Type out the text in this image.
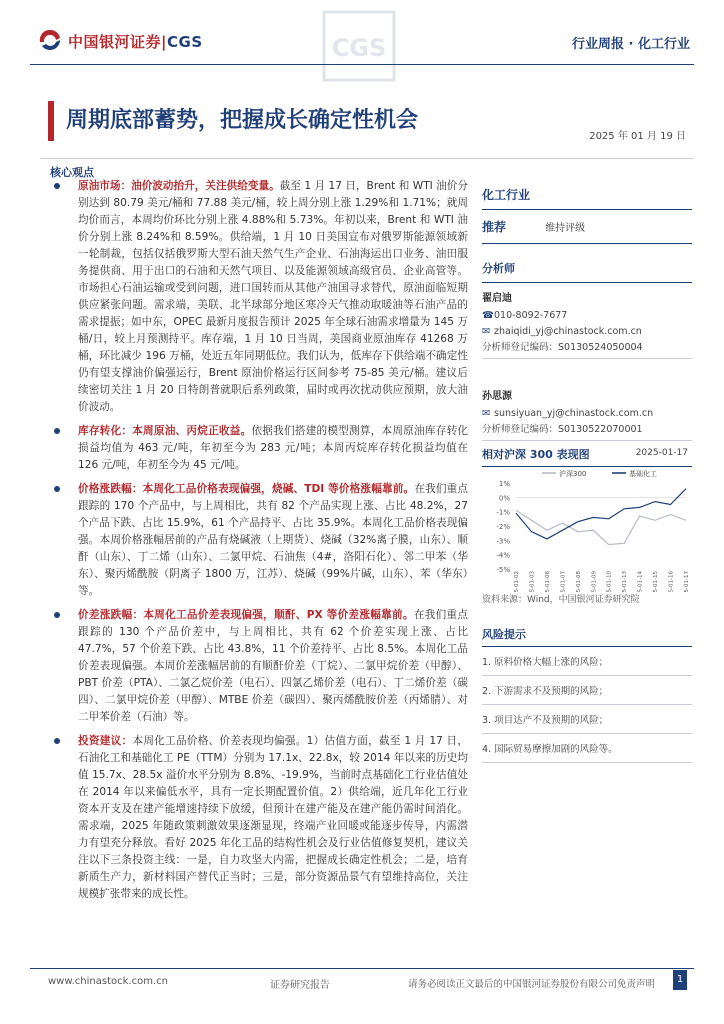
中国银河证券|CGS	CGS	行业周报 · 化工行业
周期底部蓄势，把握成长确定性机会
2025 年 01 月 19 日
核心观点
原油市场：油价波动抬升，关注供给变量。截至 1 月 17 日，Brent 和 WTI 油价分别达到 80.79 美元/桶和 77.88 美元/桶，较上周分别上涨 1.29%和 1.71%；就周均价而言，本周均价环比分别上涨 4.88%和 5.73%。年初以来，Brent 和 WTI 油价分别上涨 8.24%和 8.59%。供给端，1 月 10 日美国宣布对俄罗斯能源领域新一轮制裁，包括仅括俄罗斯大型石油天然气生产企业、石油海运出口业务、油田服务提供商、用于出口的石油和天然气项目、以及能源领域高级官员、企业高管等。市场担心石油运输或受到问题，进口国转而从其他产油国寻求替代，原油面临短期供应紧张问题。需求端，美联、北半球部分地区寒冷天气推动取暖油等石油产品的需求提振；如中东，OPEC 最新月度报告预计 2025 年全球石油需求增量为 145 万桶/日，较上月预测持平。库存端，1 月 10 日当周，美国商业原油库存 41268 万桶，环比减少 196 万桶，处近五年同期低位。我们认为，低库存下供给端不确定性仍有望支撑油价偏强运行，Brent 原油价格运行区间参考 75-85 美元/桶。建议后续密切关注 1 月 20 日特朗普就职后系列政策，届时或再次扰动供应预期，放大油价波动。
库存转化：本周原油、丙烷正收益。依据我们搭建的模型测算，本周原油库存转化损益均值为 463 元/吨，年初至今为 283 元/吨；本周丙烷库存转化损益均值在 126 元/吨，年初至今为 45 元/吨。
价格涨跌幅：本周化工品价格表现偏强，烧碱、TDI 等价格涨幅靠前。在我们重点跟踪的 170 个产品中，与上周相比，共有 82 个产品实现上涨、占比 48.2%，27 个产品下跌、占比 15.9%，61 个产品持平、占比 35.9%。本周化工品价格表现偏强。本周价格涨幅居前的产品有烧碱液（上期货）、烧碱（32%离子膜，山东）、顺酐（山东）、丁二烯（山东）、二氯甲烷、石油焦（4#，洛阳石化）、邻二甲苯（华东）、聚丙烯酰胺（阴离子 1800 万，江苏）、烧碱（99%片碱，山东）、苯（华东）等。
价差涨跌幅：本周化工品价差表现偏强，顺酐、PX 等价差涨幅靠前。在我们重点跟踪的 130 个产品价差中，与上周相比，共有 62 个价差实现上涨、占比 47.7%，57 个价差下跌、占比 43.8%，11 个价差持平、占比 8.5%。本周化工品价差表现偏强。本周价差涨幅居前的有顺酐价差（丁烷）、二氯甲烷价差（甲醇）、PBT 价差（PTA）、二氯乙烷价差（电石）、四氯乙烯价差（电石）、丁二烯价差（碳四）、二氯甲烷价差（甲醇）、MTBE 价差（碳四）、聚丙烯酰胺价差（丙烯腈）、对二甲苯价差（石油）等。
投资建议：本周化工品价格、价差表现均偏强。1）估值方面，截至 1 月 17 日，石油化工和基础化工 PE（TTM）分别为 17.1x、22.8x，较 2014 年以来的历史均值 15.7x、28.5x 溢价水平分别为 8.8%、-19.9%，当前时点基础化工行业估值处在 2014 年以来偏低水平，具有一定长期配置价值。2）供给端，近几年化工行业资本开支及在建产能增速持续下放缓，但预计在建产能及在建产能仍需时间消化。需求端，2025 年随政策刺激效果逐渐显现，终端产业回暖或能逐步传导，内需潜力有望充分释放。看好 2025 年化工品的结构性机会及行业估值修复契机，建议关注以下三条投资主线：一是，自力攻坚大内需，把握成长确定性机会；二是，培育新质生产力，新材料国产替代正当时；三是，部分资源品景气有望维持高位，关注规模扩张带来的成长性。
化工行业
推荐	维持评级
分析师
翟启迪
☎010-8092-7677
✉ zhaiqidi_yj@chinastock.com.cn
分析师登记编码：S0130524050004
孙思源
✉ sunsiyuan_yj@chinastock.com.cn
分析师登记编码：S0130522070001
相对沪深 300 表现图	2025-01-17
1%
0%
-1%
-2%
-3%
-4%
-5%
2025-01-02 2025-01-03 2025-01-06 2025-01-07 2025-01-08 2025-01-09 2025-01-10 2025-01-13 2025-01-14 2025-01-15 2025-01-16 2025-01-17
沪深300	基础化工
资料来源：Wind，中国银河证券研究院
风险提示
1. 原料价格大幅上涨的风险；
2. 下游需求不及预期的风险；
3. 项目达产不及预期的风险；
4. 国际贸易摩擦加剧的风险等。
www.chinastock.com.cn	证券研究报告	请务必阅读正文最后的中国银河证券股份有限公司免责声明	1
